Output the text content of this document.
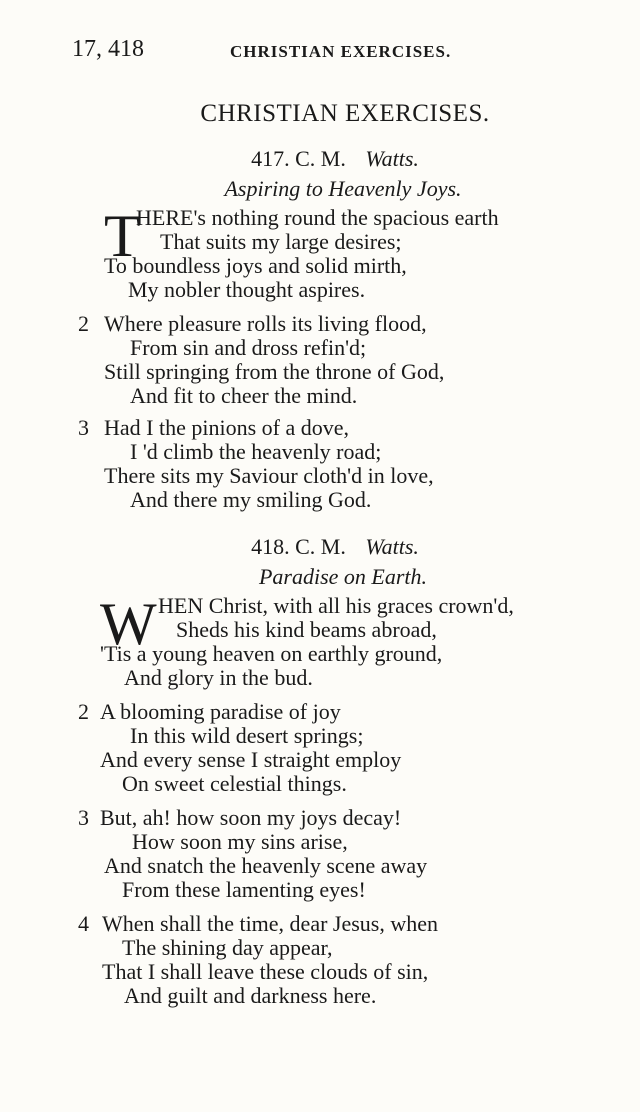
17, 418	CHRISTIAN EXERCISES.
CHRISTIAN EXERCISES.
417. C. M. Watts.
Aspiring to Heavenly Joys.
T
HERE's nothing round the spacious earth
That suits my large desires;
To boundless joys and solid mirth,
My nobler thought aspires.
2 Where pleasure rolls its living flood,
From sin and dross refin'd;
Still springing from the throne of God,
And fit to cheer the mind.
3 Had I the pinions of a dove,
I 'd climb the heavenly road;
There sits my Saviour cloth'd in love,
And there my smiling God.
418. C. M. Watts.
Paradise on Earth.
W HEN Christ, with all his graces crown'd,
Sheds his kind beams abroad,
'Tis a young heaven on earthly ground,
And glory in the bud.
2 A blooming paradise of joy
In this wild desert springs;
And every sense I straight employ
On sweet celestial things.
3 But, ah! how soon my joys decay!
How soon my sins arise,
And snatch the heavenly scene away
From these lamenting eyes!
4 When shall the time, dear Jesus, when
The shining day appear,
That I shall leave these clouds of sin,
And guilt and darkness here.
